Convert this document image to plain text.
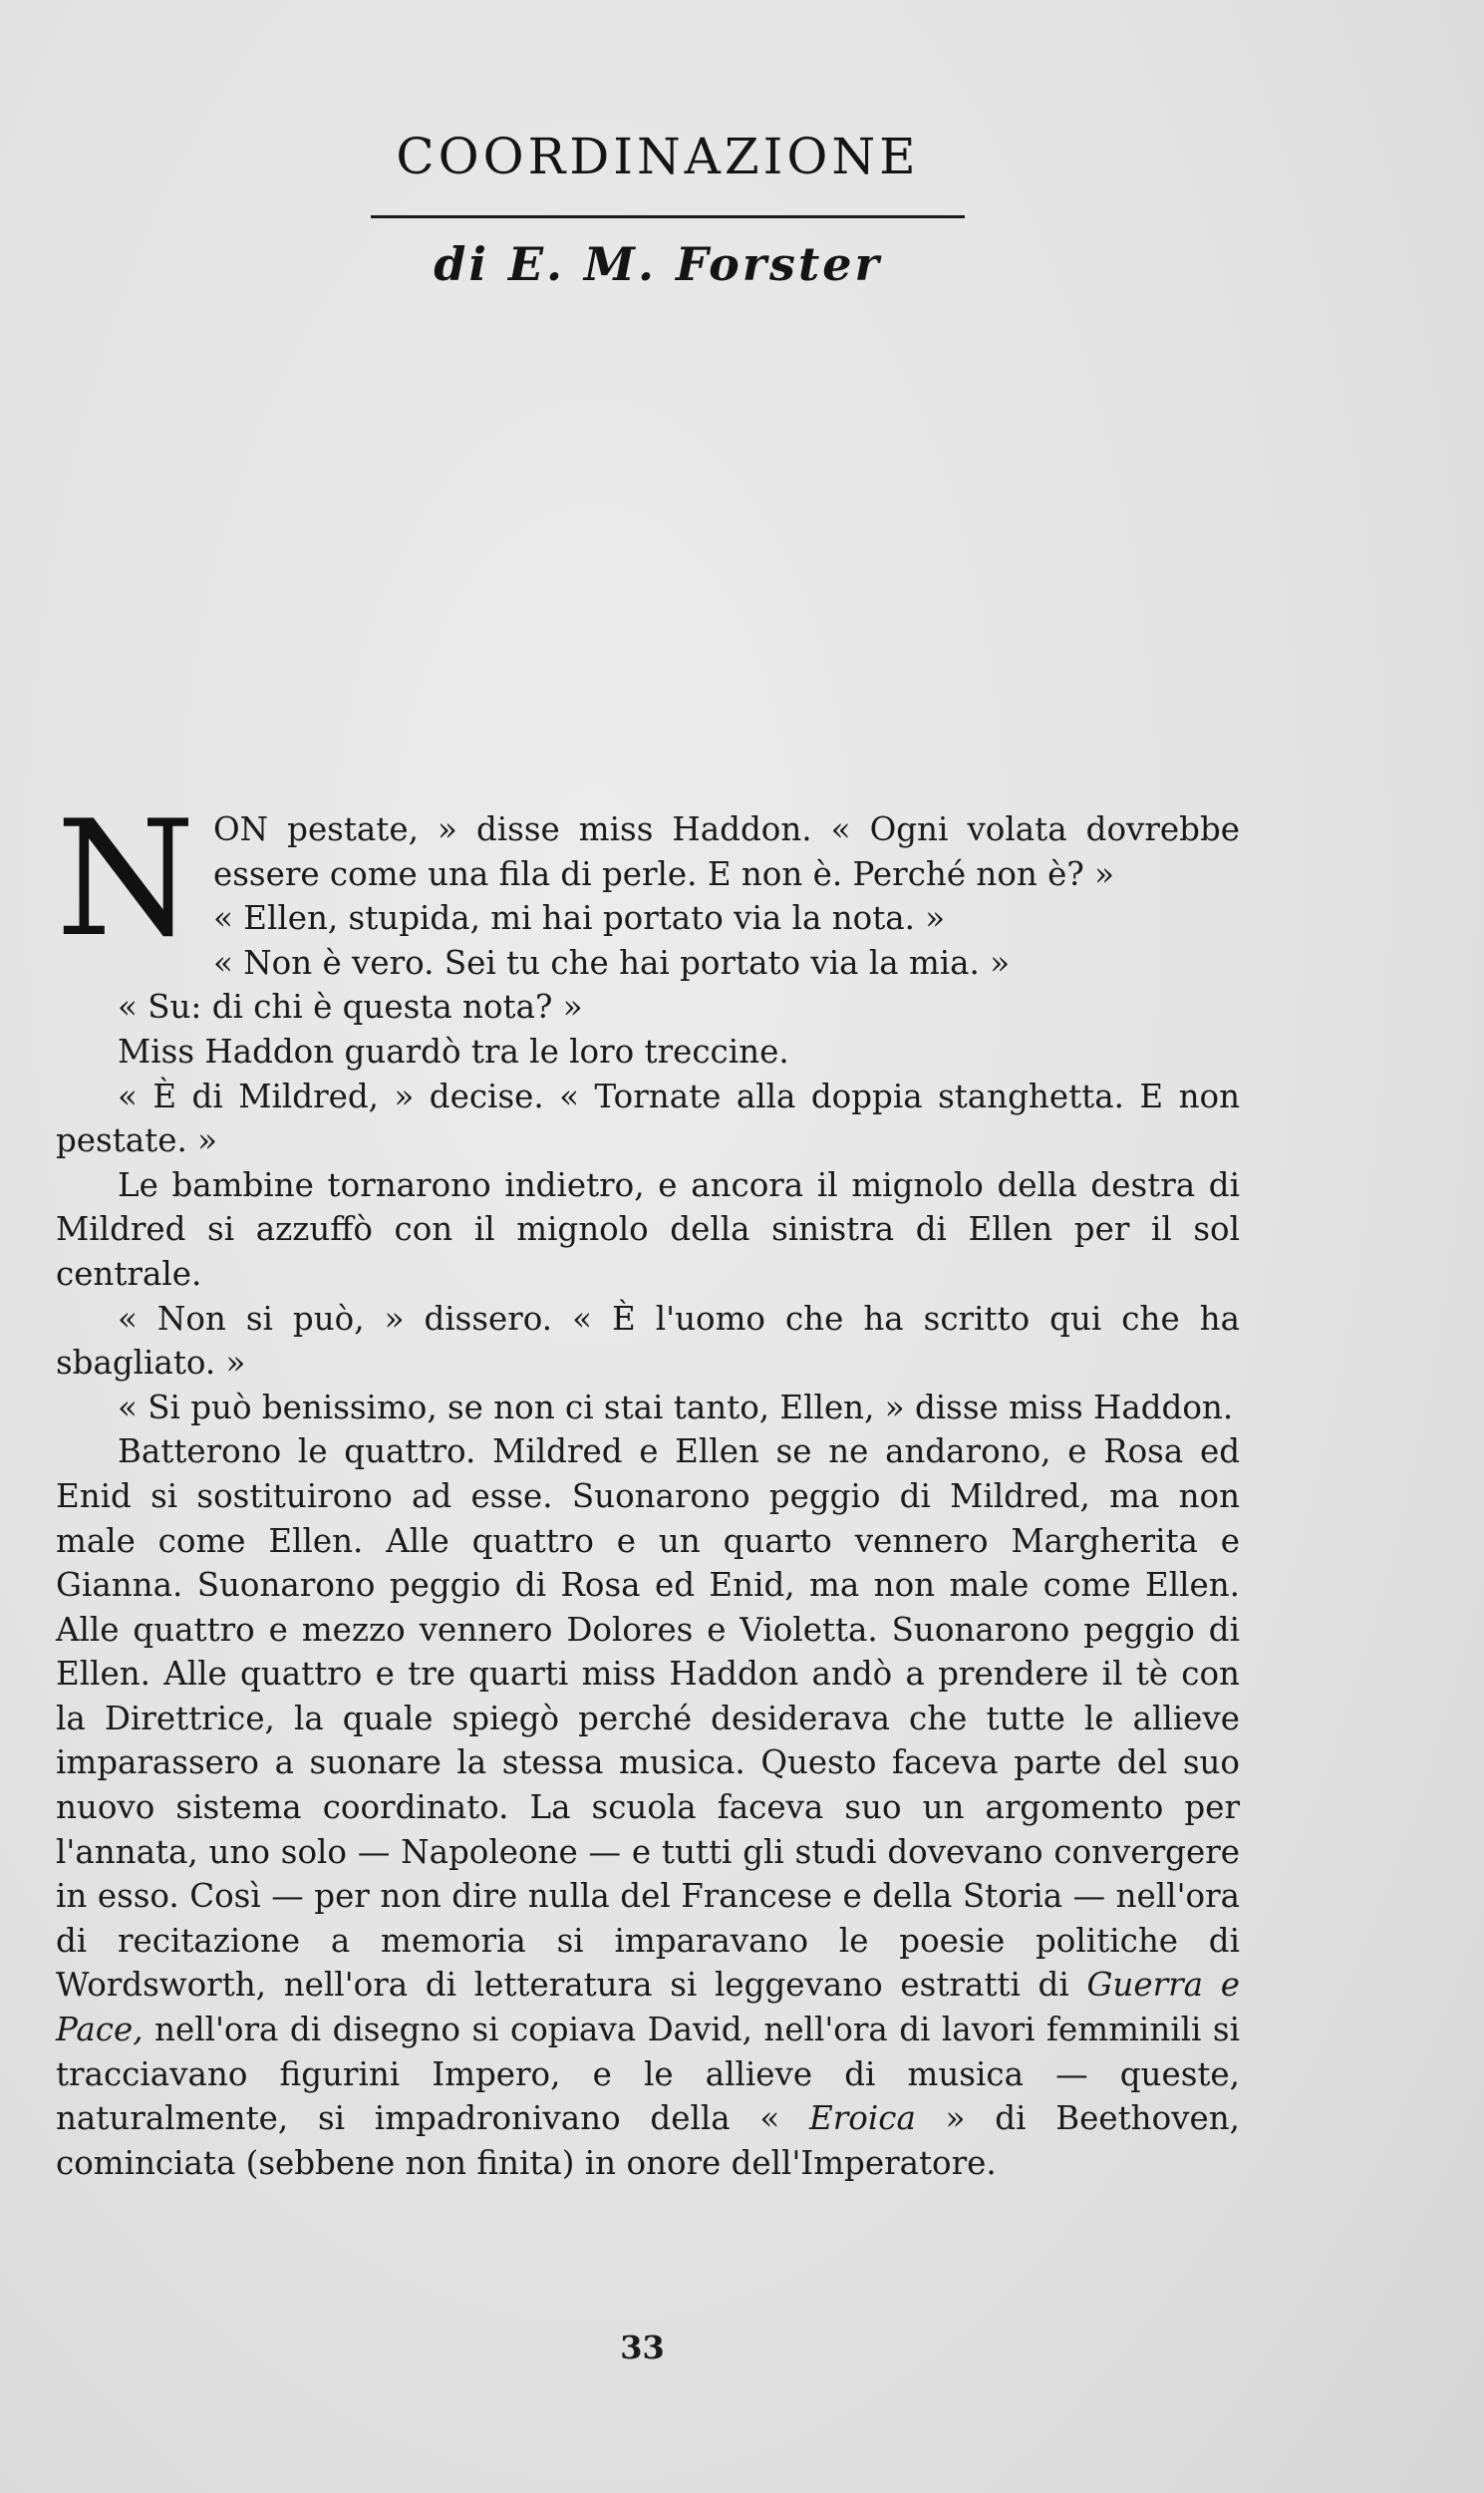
COORDINAZIONE
di E. M. Forster

NON pestate, » disse miss Haddon. « Ogni volata dovrebbe essere come una fila di perle. E non è. Perché non è? »
« Ellen, stupida, mi hai portato via la nota. »
« Non è vero. Sei tu che hai portato via la mia. »

« Su: di chi è questa nota? »

Miss Haddon guardò tra le loro treccine.

« È di Mildred, » decise. « Tornate alla doppia stanghetta. E non pestate. »

Le bambine tornarono indietro, e ancora il mignolo della destra di Mildred si azzuffò con il mignolo della sinistra di Ellen per il sol centrale.

« Non si può, » dissero. « È l'uomo che ha scritto qui che ha sbagliato. »

« Si può benissimo, se non ci stai tanto, Ellen, » disse miss Haddon.

Batterono le quattro. Mildred e Ellen se ne andarono, e Rosa ed Enid si sostituirono ad esse. Suonarono peggio di Mildred, ma non male come Ellen. Alle quattro e un quarto vennero Margherita e Gianna. Suonarono peggio di Rosa ed Enid, ma non male come Ellen. Alle quattro e mezzo vennero Dolores e Violetta. Suonarono peggio di Ellen. Alle quattro e tre quarti miss Haddon andò a prendere il tè con la Direttrice, la quale spiegò perché desiderava che tutte le allieve imparassero a suonare la stessa musica. Questo faceva parte del suo nuovo sistema coordinato. La scuola faceva suo un argomento per l'annata, uno solo — Napoleone — e tutti gli studi dovevano convergere in esso. Così — per non dire nulla del Francese e della Storia — nell'ora di recitazione a memoria si imparavano le poesie politiche di Wordsworth, nell'ora di letteratura si leggevano estratti di Guerra e Pace, nell'ora di disegno si copiava David, nell'ora di lavori femminili si tracciavano figurini Impero, e le allieve di musica — queste, naturalmente, si impadronivano della « Eroica » di Beethoven, cominciata (sebbene non finita) in onore dell'Imperatore.

33
